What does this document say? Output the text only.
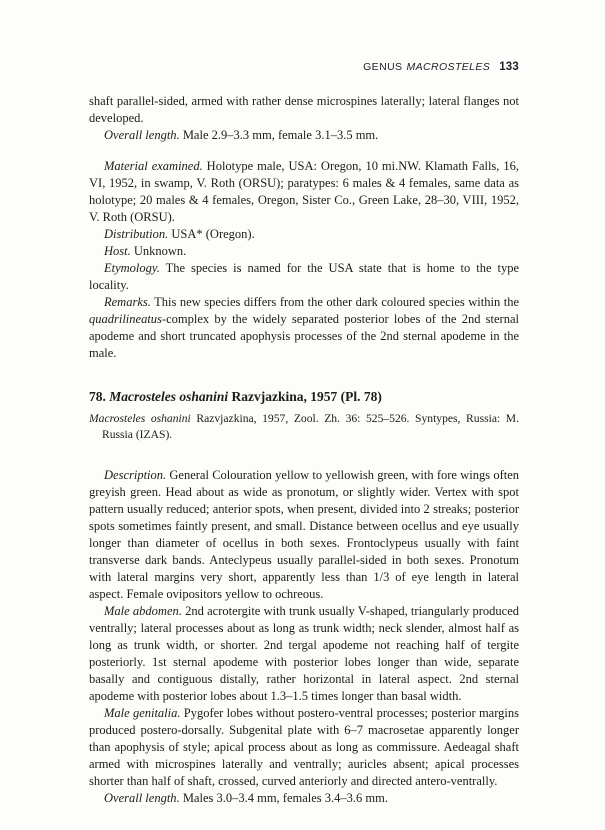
GENUS MACROSTELES 133

shaft parallel-sided, armed with rather dense microspines laterally; lateral flanges not developed.

Overall length. Male 2.9–3.3 mm, female 3.1–3.5 mm.

Material examined. Holotype male, USA: Oregon, 10 mi.NW. Klamath Falls, 16, VI, 1952, in swamp, V. Roth (ORSU); paratypes: 6 males & 4 females, same data as holotype; 20 males & 4 females, Oregon, Sister Co., Green Lake, 28–30, VIII, 1952, V. Roth (ORSU).

Distribution. USA* (Oregon).

Host. Unknown.

Etymology. The species is named for the USA state that is home to the type locality.

Remarks. This new species differs from the other dark coloured species within the quadrilineatus-complex by the widely separated posterior lobes of the 2nd sternal apodeme and short truncated apophysis processes of the 2nd sternal apodeme in the male.

78. Macrosteles oshanini Razvjazkina, 1957 (Pl. 78)

Macrosteles oshanini Razvjazkina, 1957, Zool. Zh. 36: 525–526. Syntypes, Russia: M. Russia (IZAS).

Description. General Colouration yellow to yellowish green, with fore wings often greyish green. Head about as wide as pronotum, or slightly wider. Vertex with spot pattern usually reduced; anterior spots, when present, divided into 2 streaks; posterior spots sometimes faintly present, and small. Distance between ocellus and eye usually longer than diameter of ocellus in both sexes. Frontoclypeus usually with faint transverse dark bands. Anteclypeus usually parallel-sided in both sexes. Pronotum with lateral margins very short, apparently less than 1/3 of eye length in lateral aspect. Female ovipositors yellow to ochreous.

Male abdomen. 2nd acrotergite with trunk usually V-shaped, triangularly produced ventrally; lateral processes about as long as trunk width; neck slender, almost half as long as trunk width, or shorter. 2nd tergal apodeme not reaching half of tergite posteriorly. 1st sternal apodeme with posterior lobes longer than wide, separate basally and contiguous distally, rather horizontal in lateral aspect. 2nd sternal apodeme with posterior lobes about 1.3–1.5 times longer than basal width.

Male genitalia. Pygofer lobes without postero-ventral processes; posterior margins produced postero-dorsally. Subgenital plate with 6–7 macrosetae apparently longer than apophysis of style; apical process about as long as commissure. Aedeagal shaft armed with microspines laterally and ventrally; auricles absent; apical processes shorter than half of shaft, crossed, curved anteriorly and directed antero-ventrally.

Overall length. Males 3.0–3.4 mm, females 3.4–3.6 mm.
